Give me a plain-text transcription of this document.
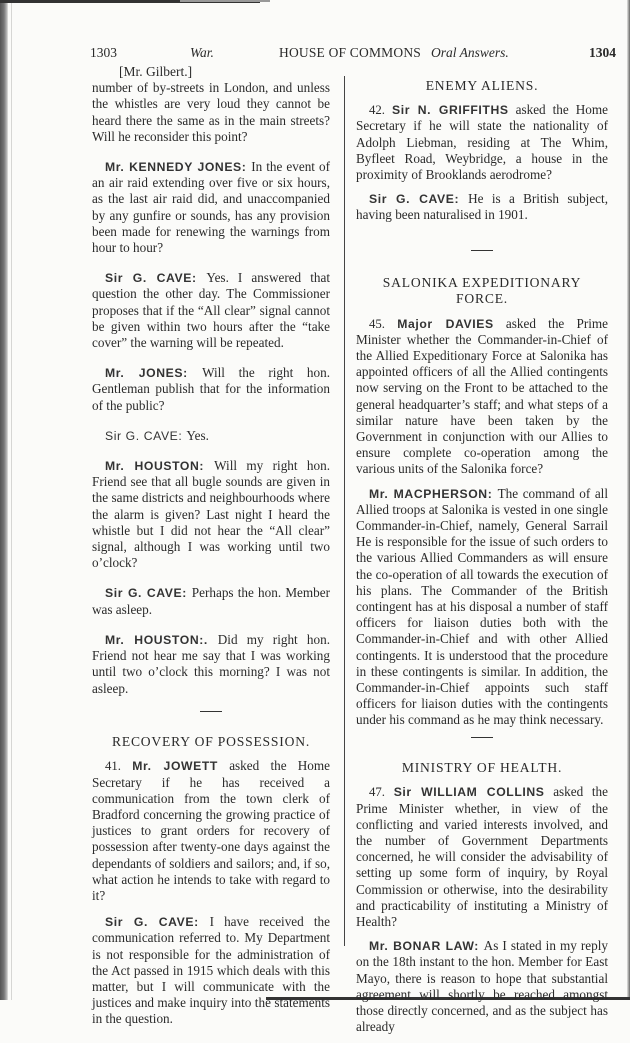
1303	War.	HOUSE OF COMMONS Oral Answers.	1304

[Mr. Gilbert.]

number of by-streets in London, and unless the whistles are very loud they cannot be heard there the same as in the main streets? Will he reconsider this point?

Mr. KENNEDY JONES: In the event of an air raid extending over five or six hours, as the last air raid did, and unaccompanied by any gunfire or sounds, has any provision been made for renewing the warnings from hour to hour?

Sir G. CAVE: Yes. I answered that question the other day. The Commissioner proposes that if the “All clear” signal cannot be given within two hours after the “take cover” the warning will be repeated.

Mr. JONES: Will the right hon. Gentleman publish that for the information of the public?

Sir G. CAVE: Yes.

Mr. HOUSTON: Will my right hon. Friend see that all bugle sounds are given in the same districts and neighbourhoods where the alarm is given? Last night I heard the whistle but I did not hear the “All clear” signal, although I was working until two o’clock?

Sir G. CAVE: Perhaps the hon. Member was asleep.

Mr. HOUSTON:. Did my right hon. Friend not hear me say that I was working until two o’clock this morning? I was not asleep.

RECOVERY OF POSSESSION.

41. Mr. JOWETT asked the Home Secretary if he has received a communication from the town clerk of Bradford concerning the growing practice of justices to grant orders for recovery of possession after twenty-one days against the dependants of soldiers and sailors; and, if so, what action he intends to take with regard to it?

Sir G. CAVE: I have received the communication referred to. My Department is not responsible for the administration of the Act passed in 1915 which deals with this matter, but I will communicate with the justices and make inquiry into the statements in the question.

ENEMY ALIENS.

42. Sir N. GRIFFITHS asked the Home Secretary if he will state the nationality of Adolph Liebman, residing at The Whim, Byfleet Road, Weybridge, a house in the proximity of Brooklands aerodrome?

Sir G. CAVE: He is a British subject, having been naturalised in 1901.

SALONIKA EXPEDITIONARY FORCE.

45. Major DAVIES asked the Prime Minister whether the Commander-in-Chief of the Allied Expeditionary Force at Salonika has appointed officers of all the Allied contingents now serving on the Front to be attached to the general headquarter’s staff; and what steps of a similar nature have been taken by the Government in conjunction with our Allies to ensure complete co-operation among the various units of the Salonika force?

Mr. MACPHERSON: The command of all Allied troops at Salonika is vested in one single Commander-in-Chief, namely, General Sarrail He is responsible for the issue of such orders to the various Allied Commanders as will ensure the co-operation of all towards the execution of his plans. The Commander of the British contingent has at his disposal a number of staff officers for liaison duties both with the Commander-in-Chief and with other Allied contingents. It is understood that the procedure in these contingents is similar. In addition, the Commander-in-Chief appoints such staff officers for liaison duties with the contingents under his command as he may think necessary.

MINISTRY OF HEALTH.

47. Sir WILLIAM COLLINS asked the Prime Minister whether, in view of the conflicting and varied interests involved, and the number of Government Departments concerned, he will consider the advisability of setting up some form of inquiry, by Royal Commission or otherwise, into the desirability and practicability of instituting a Ministry of Health?

Mr. BONAR LAW: As I stated in my reply on the 18th instant to the hon. Member for East Mayo, there is reason to hope that substantial agreement will shortly be reached amongst those directly concerned, and as the subject has already
